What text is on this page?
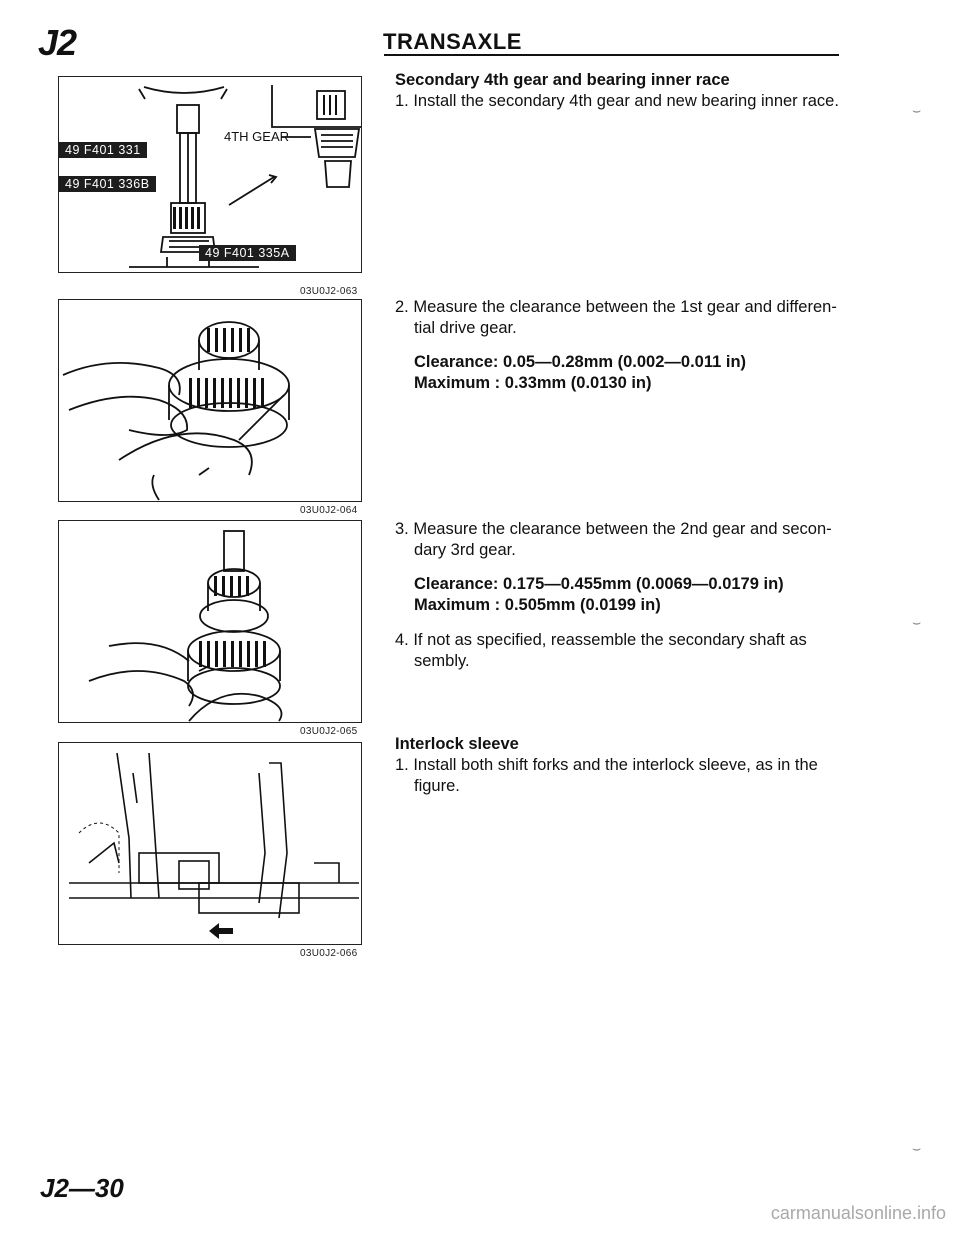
J2	TRANSAXLE
49 F401 331
49 F401 336B
49 F401 335A
4TH GEAR
03U0J2-063
03U0J2-064
03U0J2-065
03U0J2-066
Secondary 4th gear and bearing inner race
1. Install the secondary 4th gear and new bearing inner race.
2. Measure the clearance between the 1st gear and differen-
tial drive gear.
Clearance: 0.05—0.28mm (0.002—0.011 in)
Maximum : 0.33mm (0.0130 in)
3. Measure the clearance between the 2nd gear and secon-
dary 3rd gear.
Clearance: 0.175—0.455mm (0.0069—0.0179 in)
Maximum : 0.505mm (0.0199 in)
4. If not as specified, reassemble the secondary shaft as
sembly.
Interlock sleeve
1. Install both shift forks and the interlock sleeve, as in the
figure.
⌣
⌣
⌣
J2—30
carmanualsonline.info
